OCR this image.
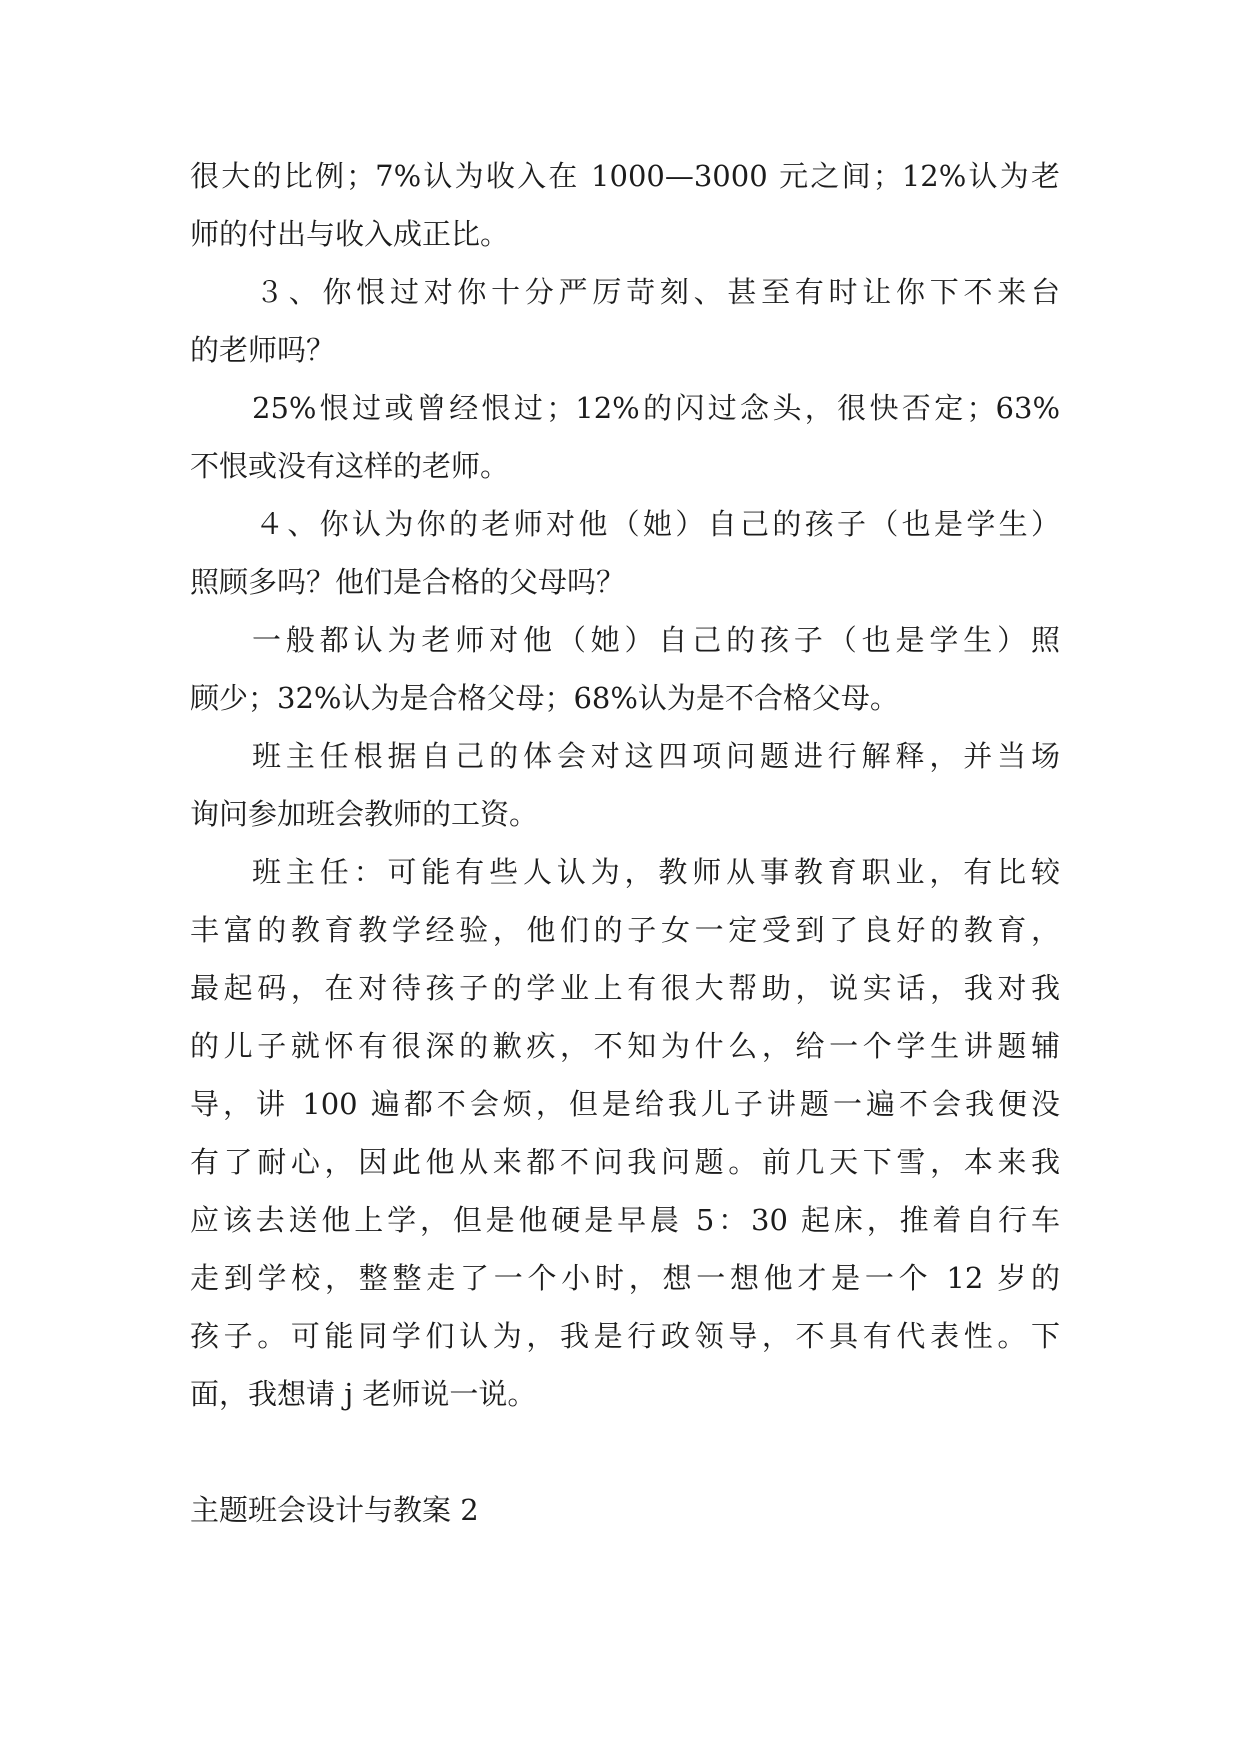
很大的比例；7%认为收入在 1000—3000 元之间；12%认为老
师的付出与收入成正比。
３、你恨过对你十分严厉苛刻、甚至有时让你下不来台
的老师吗？
25%恨过或曾经恨过；12%的闪过念头，很快否定；63%
不恨或没有这样的老师。
４、你认为你的老师对他（她）自己的孩子（也是学生）
照顾多吗？他们是合格的父母吗？
一般都认为老师对他（她）自己的孩子（也是学生）照
顾少；32%认为是合格父母；68%认为是不合格父母。
班主任根据自己的体会对这四项问题进行解释，并当场
询问参加班会教师的工资。
班主任：可能有些人认为，教师从事教育职业，有比较
丰富的教育教学经验，他们的子女一定受到了良好的教育，
最起码，在对待孩子的学业上有很大帮助，说实话，我对我
的儿子就怀有很深的歉疚，不知为什么，给一个学生讲题辅
导，讲 100 遍都不会烦，但是给我儿子讲题一遍不会我便没
有了耐心，因此他从来都不问我问题。前几天下雪，本来我
应该去送他上学，但是他硬是早晨 5：30 起床，推着自行车
走到学校，整整走了一个小时，想一想他才是一个 12 岁的
孩子。可能同学们认为，我是行政领导，不具有代表性。下
面，我想请 j 老师说一说。
主题班会设计与教案 2
